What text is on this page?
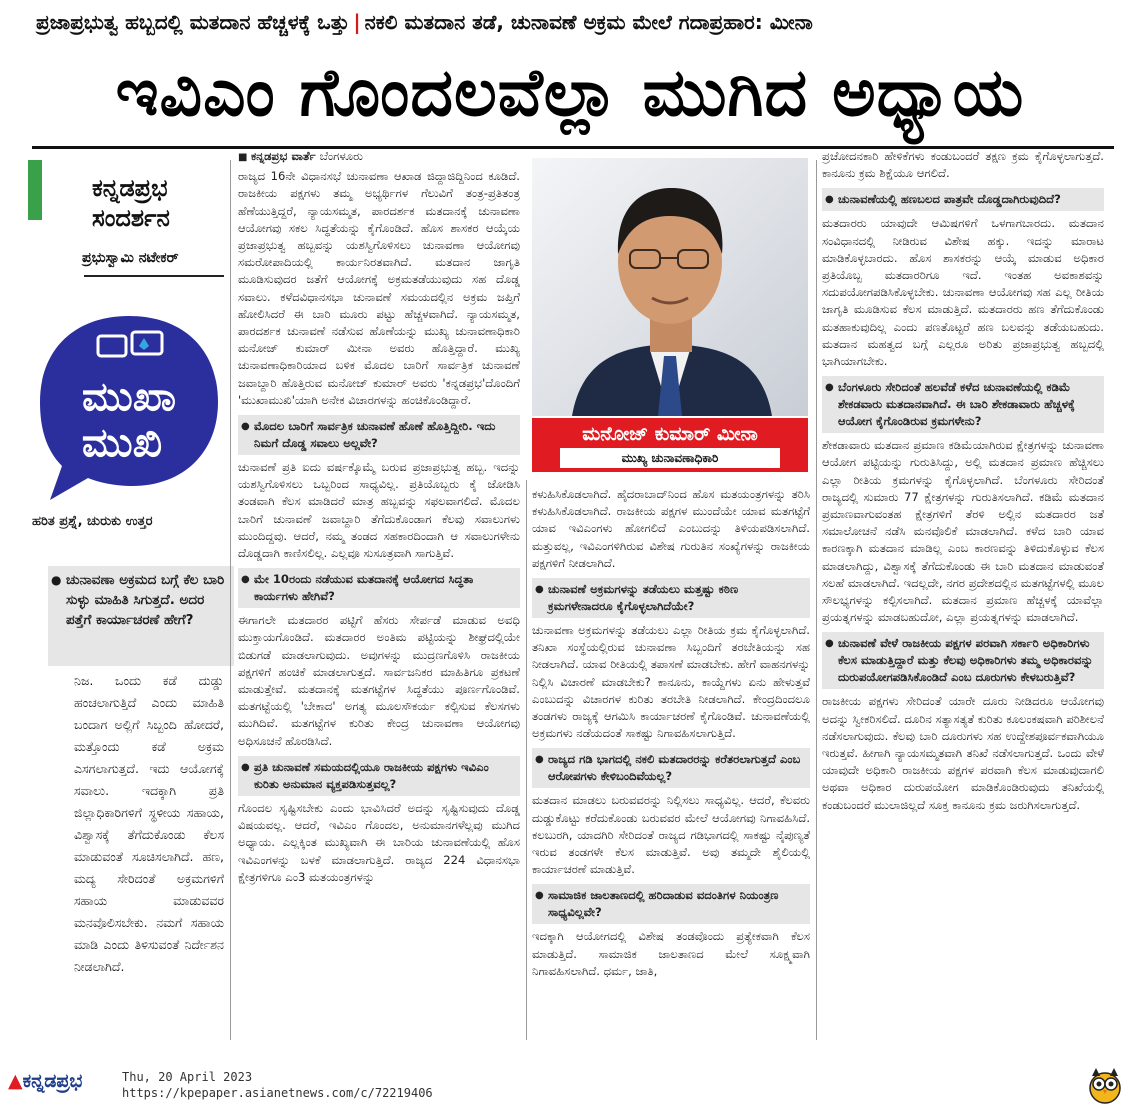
ಪ್ರಜಾಪ್ರಭುತ್ವ ಹಬ್ಬದಲ್ಲಿ ಮತದಾನ ಹೆಚ್ಚಳಕ್ಕೆ ಒತ್ತು | ನಕಲಿ ಮತದಾನ ತಡೆ, ಚುನಾವಣೆ ಅಕ್ರಮ ಮೇಲೆ ಗದಾಪ್ರಹಾರ: ಮೀನಾ
ಇವಿಎಂ ಗೊಂದಲವೆಲ್ಲಾ ಮುಗಿದ ಅಧ್ಯಾಯ
ಕನ್ನಡಪ್ರಭ
ಸಂದರ್ಶನ
ಪ್ರಭುಸ್ವಾಮಿ ನಟೇಕರ್
ಮುಖಾ
ಮುಖಿ
ಹರಿತ ಪ್ರಶ್ನೆ, ಚುರುಕು ಉತ್ತರ
● ಚುನಾವಣಾ ಅಕ್ರಮದ ಬಗ್ಗೆ ಕೆಲ ಬಾರಿ ಸುಳ್ಳು ಮಾಹಿತಿ ಸಿಗುತ್ತದೆ. ಅದರ ಪತ್ತೆಗೆ ಕಾರ್ಯಾಚರಣೆ ಹೇಗೆ?
ನಿಜ. ಒಂದು ಕಡೆ ದುಡ್ಡು ಹಂಚಲಾಗುತ್ತಿದೆ ಎಂದು ಮಾಹಿತಿ ಬಂದಾಗ ಅಲ್ಲಿಗೆ ಸಿಬ್ಬಂದಿ ಹೋದರೆ, ಮತ್ತೊಂದು ಕಡೆ ಅಕ್ರಮ ಎಸಗಲಾಗುತ್ತದೆ. ಇದು ಆಯೋಗಕ್ಕೆ ಸವಾಲು. ಇದಕ್ಕಾಗಿ ಪ್ರತಿ ಜಿಲ್ಲಾಧಿಕಾರಿಗಳಿಗೆ ಸ್ಥಳೀಯ ಸಹಾಯ, ವಿಶ್ವಾಸಕ್ಕೆ ತೆಗೆದುಕೊಂಡು ಕೆಲಸ ಮಾಡುವಂತೆ ಸೂಚಿಸಲಾಗಿದೆ. ಹಣ, ಮದ್ಯ ಸೇರಿದಂತೆ ಅಕ್ರಮಗಳಿಗೆ ಸಹಾಯ ಮಾಡುವವರ ಮನವೊಲಿಸಬೇಕು. ನಮಗೆ ಸಹಾಯ ಮಾಡಿ ಎಂದು ತಿಳಿಸುವಂತೆ ನಿರ್ದೇಶನ ನೀಡಲಾಗಿದೆ.

■ ಕನ್ನಡಪ್ರಭ ವಾರ್ತೆ ಬೆಂಗಳೂರು

ರಾಜ್ಯದ 16ನೇ ವಿಧಾನಸಭೆ ಚುನಾವಣಾ ಆಖಾಡ ಜಿದ್ದಾಜಿದ್ದಿನಿಂದ ಕೂಡಿದೆ. ರಾಜಕೀಯ ಪಕ್ಷಗಳು ತಮ್ಮ ಅಭ್ಯರ್ಥಿಗಳ ಗೆಲುವಿಗೆ ತಂತ್ರ-ಪ್ರತಿತಂತ್ರ ಹೆಣೆಯುತ್ತಿದ್ದರೆ, ನ್ಯಾಯಸಮ್ಮತ, ಪಾರದರ್ಶಕ ಮತದಾನಕ್ಕೆ ಚುನಾವಣಾ ಆಯೋಗವು ಸಕಲ ಸಿದ್ಧತೆಯನ್ನು ಕೈಗೊಂಡಿದೆ. ಹೊಸ ಶಾಸಕರ ಆಯ್ಕೆಯ ಪ್ರಜಾಪ್ರಭುತ್ವ ಹಬ್ಬವನ್ನು ಯಶಸ್ವಿಗೊಳಿಸಲು ಚುನಾವಣಾ ಆಯೋಗವು ಸಮರೋಪಾದಿಯಲ್ಲಿ ಕಾರ್ಯನಿರತವಾಗಿದೆ. ಮತದಾನ ಜಾಗೃತಿ ಮೂಡಿಸುವುದರ ಜತೆಗೆ ಆಯೋಗಕ್ಕೆ ಅಕ್ರಮತಡೆಯುವುದು ಸಹ ದೊಡ್ಡ ಸವಾಲು. ಕಳೆದವಿಧಾನಸಭಾ ಚುನಾವಣೆ ಸಮಯದಲ್ಲಿನ ಅಕ್ರಮ ಜಪ್ತಿಗೆ ಹೋಲಿಸಿದರೆ ಈ ಬಾರಿ ಮೂರು ಪಟ್ಟು ಹೆಚ್ಚಳವಾಗಿದೆ. ನ್ಯಾಯಸಮ್ಮತ, ಪಾರದರ್ಶಕ ಚುನಾವಣೆ ನಡೆಸುವ ಹೊಣೆಯನ್ನು ಮುಖ್ಯ ಚುನಾವಣಾಧಿಕಾರಿ ಮನೋಜ್ ಕುಮಾರ್ ಮೀನಾ ಅವರು ಹೊತ್ತಿದ್ದಾರೆ. ಮುಖ್ಯ ಚುನಾವಣಾಧಿಕಾರಿಯಾದ ಬಳಿಕ ಮೊದಲ ಬಾರಿಗೆ ಸಾರ್ವತ್ರಿಕ ಚುನಾವಣೆ ಜವಾಬ್ದಾರಿ ಹೊತ್ತಿರುವ ಮನೋಜ್ ಕುಮಾರ್ ಅವರು 'ಕನ್ನಡಪ್ರಭ'ದೊಂದಿಗೆ 'ಮುಖಾಮುಖಿ'ಯಾಗಿ ಅನೇಕ ವಿಚಾರಗಳನ್ನು ಹಂಚಿಕೊಂಡಿದ್ದಾರೆ.

● ಮೊದಲ ಬಾರಿಗೆ ಸಾರ್ವತ್ರಿಕ ಚುನಾವಣೆ ಹೊಣೆ ಹೊತ್ತಿದ್ದೀರಿ. ಇದು ನಿಮಗೆ ದೊಡ್ಡ ಸವಾಲು ಅಲ್ಲವೇ?

ಚುನಾವಣೆ ಪ್ರತಿ ಐದು ವರ್ಷಕ್ಕೊಮ್ಮೆ ಬರುವ ಪ್ರಜಾಪ್ರಭುತ್ವ ಹಬ್ಬ. ಇದನ್ನು ಯಶಸ್ವಿಗೊಳಿಸಲು ಒಬ್ಬರಿಂದ ಸಾಧ್ಯವಿಲ್ಲ. ಪ್ರತಿಯೊಬ್ಬರು ಕೈ ಜೋಡಿಸಿ ತಂಡವಾಗಿ ಕೆಲಸ ಮಾಡಿದರೆ ಮಾತ್ರ ಹಬ್ಬವನ್ನು ಸಫಲವಾಗಲಿದೆ. ಮೊದಲ ಬಾರಿಗೆ ಚುನಾವಣೆ ಜವಾಬ್ದಾರಿ ತೆಗೆದುಕೊಂಡಾಗ ಕೆಲವು ಸವಾಲುಗಳು ಮುಂದಿದ್ದವು. ಆದರೆ, ನಮ್ಮ ತಂಡದ ಸಹಕಾರದಿಂದಾಗಿ ಆ ಸವಾಲುಗಳೇನು ದೊಡ್ಡದಾಗಿ ಕಾಣಿಸಲಿಲ್ಲ. ಎಲ್ಲವೂ ಸುಸೂತ್ರವಾಗಿ ಸಾಗುತ್ತಿವೆ.

● ಮೇ 10ರಂದು ನಡೆಯುವ ಮತದಾನಕ್ಕೆ ಆಯೋಗದ ಸಿದ್ಧತಾ ಕಾರ್ಯಗಳು ಹೇಗಿವೆ?

ಈಗಾಗಲೇ ಮತದಾರರ ಪಟ್ಟಿಗೆ ಹೆಸರು ಸೇರ್ಪಡೆ ಮಾಡುವ ಅವಧಿ ಮುಕ್ತಾಯಗೊಂಡಿದೆ. ಮತದಾರರ ಅಂತಿಮ ಪಟ್ಟಿಯನ್ನು ಶೀಘ್ರದಲ್ಲಿಯೇ ಬಿಡುಗಡೆ ಮಾಡಲಾಗುವುದು. ಅವುಗಳನ್ನು ಮುದ್ರಣಗೊಳಿಸಿ ರಾಜಕೀಯ ಪಕ್ಷಗಳಿಗೆ ಹಂಚಿಕೆ ಮಾಡಲಾಗುತ್ತದೆ. ಸಾರ್ವಜನಿಕರ ಮಾಹಿತಿಗೂ ಪ್ರಕಟಣೆ ಮಾಡುತ್ತೇವೆ. ಮತದಾನಕ್ಕೆ ಮತಗಟ್ಟೆಗಳ ಸಿದ್ಧತೆಯು ಪೂರ್ಣಗೊಂಡಿವೆ. ಮತಗಟ್ಟೆಯಲ್ಲಿ 'ಬೇಕಾದ' ಅಗತ್ಯ ಮೂಲಸೌಕರ್ಯ ಕಲ್ಪಿಸುವ ಕೆಲಸಗಳು ಮುಗಿದಿವೆ. ಮತಗಟ್ಟೆಗಳ ಕುರಿತು ಕೇಂದ್ರ ಚುನಾವಣಾ ಆಯೋಗವು ಅಧಿಸೂಚನೆ ಹೊರಡಿಸಿದೆ.

● ಪ್ರತಿ ಚುನಾವಣೆ ಸಮಯದಲ್ಲಿಯೂ ರಾಜಕೀಯ ಪಕ್ಷಗಳು ಇವಿಎಂ ಕುರಿತು ಅನುಮಾನ ವ್ಯಕ್ತಪಡಿಸುತ್ತವಲ್ಲ?

ಗೊಂದಲ ಸೃಷ್ಟಿಸಬೇಕು ಎಂದು ಭಾವಿಸಿದರೆ ಅದನ್ನು ಸೃಷ್ಟಿಸುವುದು ದೊಡ್ಡ ವಿಷಯವಲ್ಲ. ಆದರೆ, ಇವಿಎಂ ಗೊಂದಲ, ಅನುಮಾನಗಳೆಲ್ಲವು ಮುಗಿದ ಅಧ್ಯಾಯ. ಎಲ್ಲಕ್ಕಿಂತ ಮುಖ್ಯವಾಗಿ ಈ ಬಾರಿಯ ಚುನಾವಣೆಯಲ್ಲಿ ಹೊಸ ಇವಿಎಂಗಳನ್ನು ಬಳಕೆ ಮಾಡಲಾಗುತ್ತಿದೆ. ರಾಜ್ಯದ 224 ವಿಧಾನಸಭಾ ಕ್ಷೇತ್ರಗಳಿಗೂ ಎಂ3 ಮತಯಂತ್ರಗಳನ್ನು

ಮನೋಜ್ ಕುಮಾರ್ ಮೀನಾ
ಮುಖ್ಯ ಚುನಾವಣಾಧಿಕಾರಿ

ಕಳುಹಿಸಿಕೊಡಲಾಗಿದೆ. ಹೈದರಾಬಾದ್‌ನಿಂದ ಹೊಸ ಮತಯಂತ್ರಗಳನ್ನು ತರಿಸಿ ಕಳುಹಿಸಿಕೊಡಲಾಗಿದೆ. ರಾಜಕೀಯ ಪಕ್ಷಗಳ ಮುಂದೆಯೇ ಯಾವ ಮತಗಟ್ಟೆಗೆ ಯಾವ ಇವಿಎಂಗಳು ಹೋಗಲಿದೆ ಎಂಬುದನ್ನು ತಿಳಿಯಪಡಿಸಲಾಗಿದೆ. ಮತ್ತುವಲ್ಲ, ಇವಿಎಂಗಳಿಗಿರುವ ವಿಶೇಷ ಗುರುತಿನ ಸಂಖ್ಯೆಗಳನ್ನು ರಾಜಕೀಯ ಪಕ್ಷಗಳಿಗೆ ನೀಡಲಾಗಿದೆ.

● ಚುನಾವಣೆ ಅಕ್ರಮಗಳನ್ನು ತಡೆಯಲು ಮತ್ತಷ್ಟು ಕಠಿಣ ಕ್ರಮಗಳೇನಾದರೂ ಕೈಗೊಳ್ಳಲಾಗಿದೆಯೇ?

ಚುನಾವಣಾ ಅಕ್ರಮಗಳನ್ನು ತಡೆಯಲು ಎಲ್ಲಾ ರೀತಿಯ ಕ್ರಮ ಕೈಗೊಳ್ಳಲಾಗಿದೆ. ತನಿಖಾ ಸಂಸ್ಥೆಯಲ್ಲಿರುವ ಚುನಾವಣಾ ಸಿಬ್ಬಂದಿಗೆ ತರಬೇತಿಯನ್ನು ಸಹ ನೀಡಲಾಗಿದೆ. ಯಾವ ರೀತಿಯಲ್ಲಿ ತಪಾಸಣೆ ಮಾಡಬೇಕು. ಹೇಗೆ ವಾಹನಗಳನ್ನು ನಿಲ್ಲಿಸಿ ವಿಚಾರಣೆ ಮಾಡಬೇಕು? ಕಾನೂನು, ಕಾಯ್ದೆಗಳು ಏನು ಹೇಳುತ್ತವೆ ಎಂಬುದನ್ನು ವಿಚಾರಗಳ ಕುರಿತು ತರಬೇತಿ ನೀಡಲಾಗಿದೆ. ಕೇಂದ್ರದಿಂದಲೂ ತಂಡಗಳು ರಾಜ್ಯಕ್ಕೆ ಆಗಮಿಸಿ ಕಾರ್ಯಾಚರಣೆ ಕೈಗೊಂಡಿವೆ. ಚುನಾವಣೆಯಲ್ಲಿ ಅಕ್ರಮಗಳು ನಡೆಯದಂತೆ ಸಾಕಷ್ಟು ನಿಗಾವಹಿಸಲಾಗುತ್ತಿದೆ.

● ರಾಜ್ಯದ ಗಡಿ ಭಾಗದಲ್ಲಿ ನಕಲಿ ಮತದಾರರನ್ನು ಕರೆತರಲಾಗುತ್ತದೆ ಎಂಬ ಆರೋಪಗಳು ಕೇಳಿಬಂದಿವೆಯಲ್ಲ?

ಮತದಾನ ಮಾಡಲು ಬರುವವರನ್ನು ನಿಲ್ಲಿಸಲು ಸಾಧ್ಯವಿಲ್ಲ. ಆದರೆ, ಕೆಲವರು ದುಡ್ಡುಕೊಟ್ಟು ಕರೆದುಕೊಂಡು ಬರುವವರ ಮೇಲೆ ಆಯೋಗವು ನಿಗಾವಹಿಸಿದೆ. ಕಲಬುರಗಿ, ಯಾದಗಿರಿ ಸೇರಿದಂತೆ ರಾಜ್ಯದ ಗಡಿಭಾಗದಲ್ಲಿ ಸಾಕಷ್ಟು ನೈಪುಣ್ಯತೆ ಇರುವ ತಂಡಗಳೇ ಕೆಲಸ ಮಾಡುತ್ತಿವೆ. ಅವು ತಮ್ಮದೇ ಶೈಲಿಯಲ್ಲಿ ಕಾರ್ಯಾಚರಣೆ ಮಾಡುತ್ತಿವೆ.

● ಸಾಮಾಜಿಕ ಜಾಲತಾಣದಲ್ಲಿ ಹರಿದಾಡುವ ವದಂತಿಗಳ ನಿಯಂತ್ರಣ ಸಾಧ್ಯವಿಲ್ಲವೇ?

ಇದಕ್ಕಾಗಿ ಆಯೋಗದಲ್ಲಿ ವಿಶೇಷ ತಂಡವೊಂದು ಪ್ರತ್ಯೇಕವಾಗಿ ಕೆಲಸ ಮಾಡುತ್ತಿದೆ. ಸಾಮಾಜಿಕ ಜಾಲತಾಣದ ಮೇಲೆ ಸೂಕ್ಷ್ಮವಾಗಿ ನಿಗಾವಹಿಸಲಾಗಿದೆ. ಧರ್ಮ, ಜಾತಿ,

ಪ್ರಚೋದನಕಾರಿ ಹೇಳಿಕೆಗಳು ಕಂಡುಬಂದರೆ ತಕ್ಷಣ ಕ್ರಮ ಕೈಗೊಳ್ಳಲಾಗುತ್ತದೆ. ಕಾನೂನು ಕ್ರಮ ಶಿಕ್ಷೆಯೂ ಆಗಲಿದೆ.

● ಚುನಾವಣೆಯಲ್ಲಿ ಹಣಬಲದ ಪಾತ್ರವೇ ದೊಡ್ಡದಾಗಿರುವುದಿದೆ?

ಮತದಾರರು ಯಾವುದೇ ಆಮಿಷಗಳಿಗೆ ಒಳಗಾಗಬಾರದು. ಮತದಾನ ಸಂವಿಧಾನದಲ್ಲಿ ನೀಡಿರುವ ವಿಶೇಷ ಹಕ್ಕು. ಇದನ್ನು ಮಾರಾಟ ಮಾಡಿಕೊಳ್ಳಬಾರದು. ಹೊಸ ಶಾಸಕರನ್ನು ಆಯ್ಕೆ ಮಾಡುವ ಅಧಿಕಾರ ಪ್ರತಿಯೊಬ್ಬ ಮತದಾರರಿಗೂ ಇದೆ. ಇಂತಹ ಅವಕಾಶವನ್ನು ಸದುಪಯೋಗಪಡಿಸಿಕೊಳ್ಳಬೇಕು. ಚುನಾವಣಾ ಆಯೋಗವು ಸಹ ಎಲ್ಲ ರೀತಿಯ ಜಾಗೃತಿ ಮೂಡಿಸುವ ಕೆಲಸ ಮಾಡುತ್ತಿದೆ. ಮತದಾರರು ಹಣ ತೆಗೆದುಕೊಂಡು ಮತಹಾಕುವುದಿಲ್ಲ ಎಂದು ಪಣತೊಟ್ಟರೆ ಹಣ ಬಲವನ್ನು ತಡೆಯಬಹುದು. ಮತದಾನ ಮಹತ್ವದ ಬಗ್ಗೆ ಎಲ್ಲರೂ ಅರಿತು ಪ್ರಜಾಪ್ರಭುತ್ವ ಹಬ್ಬದಲ್ಲಿ ಭಾಗಿಯಾಗಬೇಕು.

● ಬೆಂಗಳೂರು ಸೇರಿದಂತೆ ಹಲವೆಡೆ ಕಳೆದ ಚುನಾವಣೆಯಲ್ಲಿ ಕಡಿಮೆ ಶೇಕಡವಾರು ಮತದಾನವಾಗಿದೆ. ಈ ಬಾರಿ ಶೇಕಡಾವಾರು ಹೆಚ್ಚಳಕ್ಕೆ ಆಯೋಗ ಕೈಗೊಂಡಿರುವ ಕ್ರಮಗಳೇನು?

ಶೇಕಡಾವಾರು ಮತದಾನ ಪ್ರಮಾಣ ಕಡಿಮೆಯಾಗಿರುವ ಕ್ಷೇತ್ರಗಳನ್ನು ಚುನಾವಣಾ ಆಯೋಗ ಪಟ್ಟಿಯನ್ನು ಗುರುತಿಸಿದ್ದು, ಅಲ್ಲಿ ಮತದಾನ ಪ್ರಮಾಣ ಹೆಚ್ಚಿಸಲು ಎಲ್ಲಾ ರೀತಿಯ ಕ್ರಮಗಳನ್ನು ಕೈಗೊಳ್ಳಲಾಗಿದೆ. ಬೆಂಗಳೂರು ಸೇರಿದಂತೆ ರಾಜ್ಯದಲ್ಲಿ ಸುಮಾರು 77 ಕ್ಷೇತ್ರಗಳನ್ನು ಗುರುತಿಸಲಾಗಿದೆ. ಕಡಿಮೆ ಮತದಾನ ಪ್ರಮಾಣವಾಗುವಂತಹ ಕ್ಷೇತ್ರಗಳಿಗೆ ತೆರಳಿ ಅಲ್ಲಿನ ಮತದಾರರ ಜತೆ ಸಮಾಲೋಚನೆ ನಡೆಸಿ ಮನವೊಲಿಕೆ ಮಾಡಲಾಗಿದೆ. ಕಳೆದ ಬಾರಿ ಯಾವ ಕಾರಣಕ್ಕಾಗಿ ಮತದಾನ ಮಾಡಿಲ್ಲ ಎಂಬ ಕಾರಣವನ್ನು ತಿಳಿದುಕೊಳ್ಳುವ ಕೆಲಸ ಮಾಡಲಾಗಿದ್ದು, ವಿಶ್ವಾಸಕ್ಕೆ ತೆಗೆದುಕೊಂಡು ಈ ಬಾರಿ ಮತದಾನ ಮಾಡುವಂತೆ ಸಲಹೆ ಮಾಡಲಾಗಿದೆ. ಇದಲ್ಲದೇ, ನಗರ ಪ್ರದೇಶದಲ್ಲಿನ ಮತಗಟ್ಟೆಗಳಲ್ಲಿ ಮೂಲ ಸೌಲಭ್ಯಗಳನ್ನು ಕಲ್ಪಿಸಲಾಗಿದೆ. ಮತದಾನ ಪ್ರಮಾಣ ಹೆಚ್ಚಳಕ್ಕೆ ಯಾವೆಲ್ಲಾ ಪ್ರಯತ್ನಗಳನ್ನು ಮಾಡಬಹುದೋ, ಎಲ್ಲಾ ಪ್ರಯತ್ನಗಳನ್ನು ಮಾಡಲಾಗಿದೆ.

● ಚುನಾವಣೆ ವೇಳೆ ರಾಜಕೀಯ ಪಕ್ಷಗಳ ಪರವಾಗಿ ಸರ್ಕಾರಿ ಅಧಿಕಾರಿಗಳು ಕೆಲಸ ಮಾಡುತ್ತಿದ್ದಾರೆ ಮತ್ತು ಕೆಲವು ಅಧಿಕಾರಿಗಳು ತಮ್ಮ ಅಧಿಕಾರವನ್ನು ದುರುಪಯೋಗಪಡಿಸಿಕೊಂಡಿದೆ ಎಂಬ ದೂರುಗಳು ಕೇಳಬರುತ್ತಿವೆ?

ರಾಜಕೀಯ ಪಕ್ಷಗಳು ಸೇರಿದಂತೆ ಯಾರೇ ದೂರು ನೀಡಿದರೂ ಆಯೋಗವು ಅದನ್ನು ಸ್ವೀಕರಿಸಲಿದೆ. ದೂರಿನ ಸತ್ಯಾಸತ್ಯತೆ ಕುರಿತು ಕೂಲಂಕಷವಾಗಿ ಪರಿಶೀಲನೆ ನಡೆಸಲಾಗುವುದು. ಕೆಲವು ಬಾರಿ ದೂರುಗಳು ಸಹ ಉದ್ದೇಶಪೂರ್ವಕವಾಗಿಯೂ ಇರುತ್ತವೆ. ಹೀಗಾಗಿ ನ್ಯಾಯಸಮ್ಮತವಾಗಿ ತನಿಖೆ ನಡೆಸಲಾಗುತ್ತದೆ. ಒಂದು ವೇಳೆ ಯಾವುದೇ ಅಧಿಕಾರಿ ರಾಜಕೀಯ ಪಕ್ಷಗಳ ಪರವಾಗಿ ಕೆಲಸ ಮಾಡುವುದಾಗಲಿ ಅಥವಾ ಅಧಿಕಾರ ದುರುಪಯೋಗ ಮಾಡಿಕೊಂಡಿರುವುದು ತನಿಖೆಯಲ್ಲಿ ಕಂಡುಬಂದರೆ ಮುಲಾಜಿಲ್ಲದೆ ಸೂಕ್ತ ಕಾನೂನು ಕ್ರಮ ಜರುಗಿಸಲಾಗುತ್ತದೆ.

▲ಕನ್ನಡಪ್ರಭ	Thu, 20 April 2023
https://kpepaper.asianetnews.com/c/72219406
